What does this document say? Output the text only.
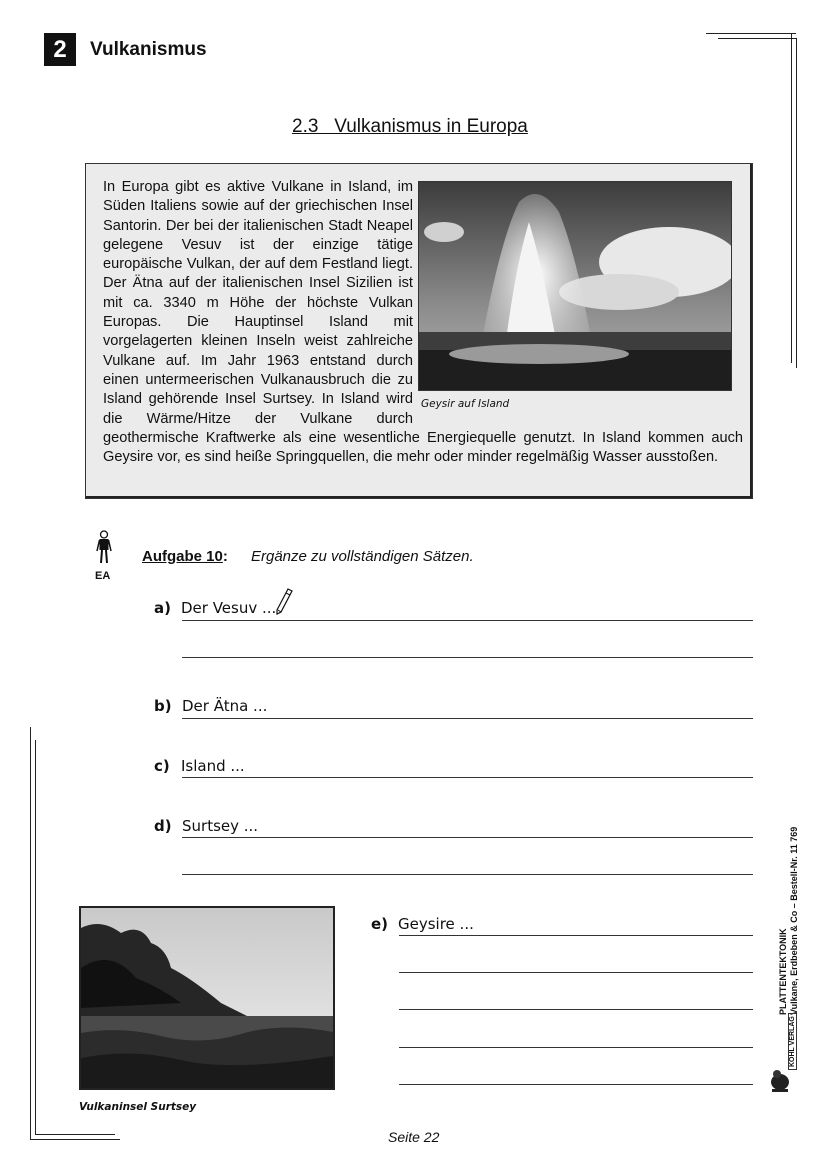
2	Vulkanismus
2.3   Vulkanismus in Europa
In Europa gibt es aktive Vulkane in Island, im Süden Italiens sowie auf der griechischen Insel Santorin. Der bei der italienischen Stadt Neapel gelegene Vesuv ist der einzige tätige europäische Vulkan, der auf dem Festland liegt. Der Ätna auf der italienischen Insel Sizilien ist mit ca. 3340 m Höhe der höchste Vulkan Europas. Die Hauptinsel Island mit vorgelagerten kleinen Inseln weist zahlreiche Vulkane auf. Im Jahr 1963 entstand durch einen untermeerischen Vulkanausbruch die zu Island gehörende Insel Surtsey. In Island wird die Wärme/Hitze der Vulkane durch geothermische Kraftwerke als eine wesentliche Energiequelle genutzt. In Island kommen auch Geysire vor, es sind heiße Springquellen, die mehr oder minder regelmäßig Wasser ausstoßen.
Geysir auf Island
EA
Aufgabe 10: Ergänze zu vollständigen Sätzen.
a) Der Vesuv ...
b) Der Ätna ...
c) Island ...
d) Surtsey ...
Vulkaninsel Surtsey
e) Geysire ...
Seite 22
PLATTENTEKTONIK Vulkane, Erdbeben & Co – Bestell-Nr. 11 769
KOHL VERLAG
